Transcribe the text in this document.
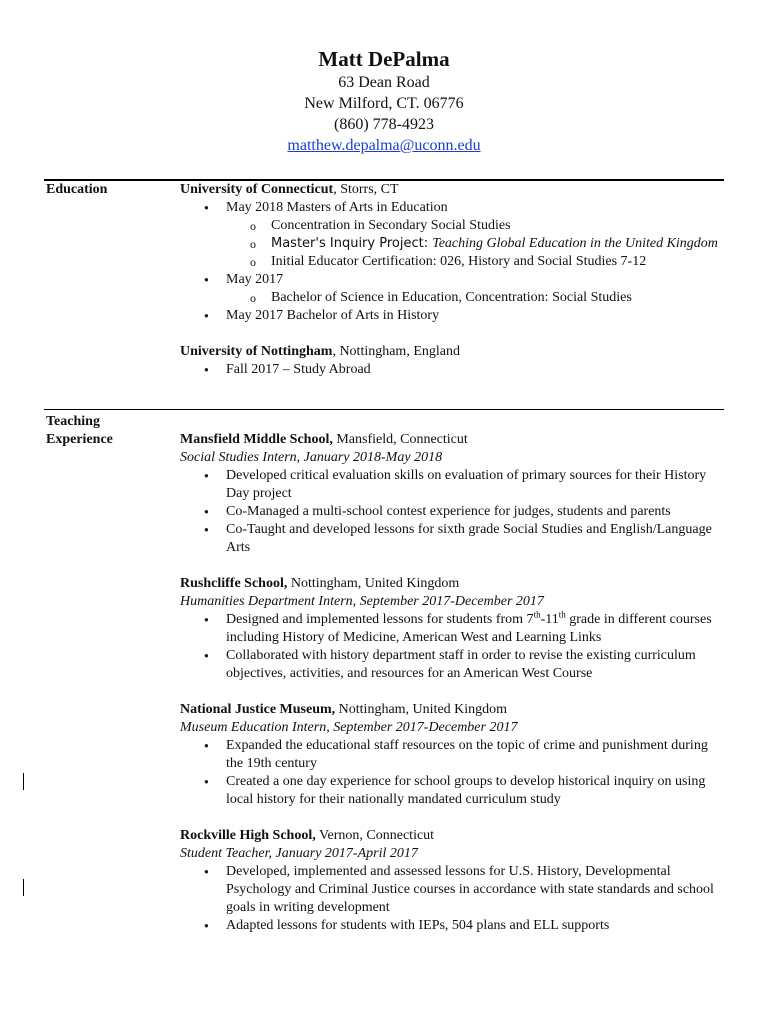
Matt DePalma
63 Dean Road
New Milford, CT. 06776
(860) 778-4923
matthew.depalma@uconn.edu
Education	University of Connecticut, Storrs, CT
● May 2018 Masters of Arts in Education
o Concentration in Secondary Social Studies
o Master's Inquiry Project: Teaching Global Education in the United Kingdom
o Initial Educator Certification: 026, History and Social Studies 7-12
● May 2017
o Bachelor of Science in Education, Concentration: Social Studies
● May 2017 Bachelor of Arts in History
University of Nottingham, Nottingham, England
● Fall 2017 – Study Abroad
Teaching
Experience	Mansfield Middle School, Mansfield, Connecticut
Social Studies Intern, January 2018-May 2018
● Developed critical evaluation skills on evaluation of primary sources for their History Day project
● Co-Managed a multi-school contest experience for judges, students and parents
● Co-Taught and developed lessons for sixth grade Social Studies and English/Language Arts
Rushcliffe School, Nottingham, United Kingdom
Humanities Department Intern, September 2017-December 2017
● Designed and implemented lessons for students from 7th-11th grade in different courses including History of Medicine, American West and Learning Links
● Collaborated with history department staff in order to revise the existing curriculum objectives, activities, and resources for an American West Course
National Justice Museum, Nottingham, United Kingdom
Museum Education Intern, September 2017-December 2017
● Expanded the educational staff resources on the topic of crime and punishment during the 19th century
● Created a one day experience for school groups to develop historical inquiry on using local history for their nationally mandated curriculum study
Rockville High School, Vernon, Connecticut
Student Teacher, January 2017-April 2017
● Developed, implemented and assessed lessons for U.S. History, Developmental Psychology and Criminal Justice courses in accordance with state standards and school goals in writing development
● Adapted lessons for students with IEPs, 504 plans and ELL supports
